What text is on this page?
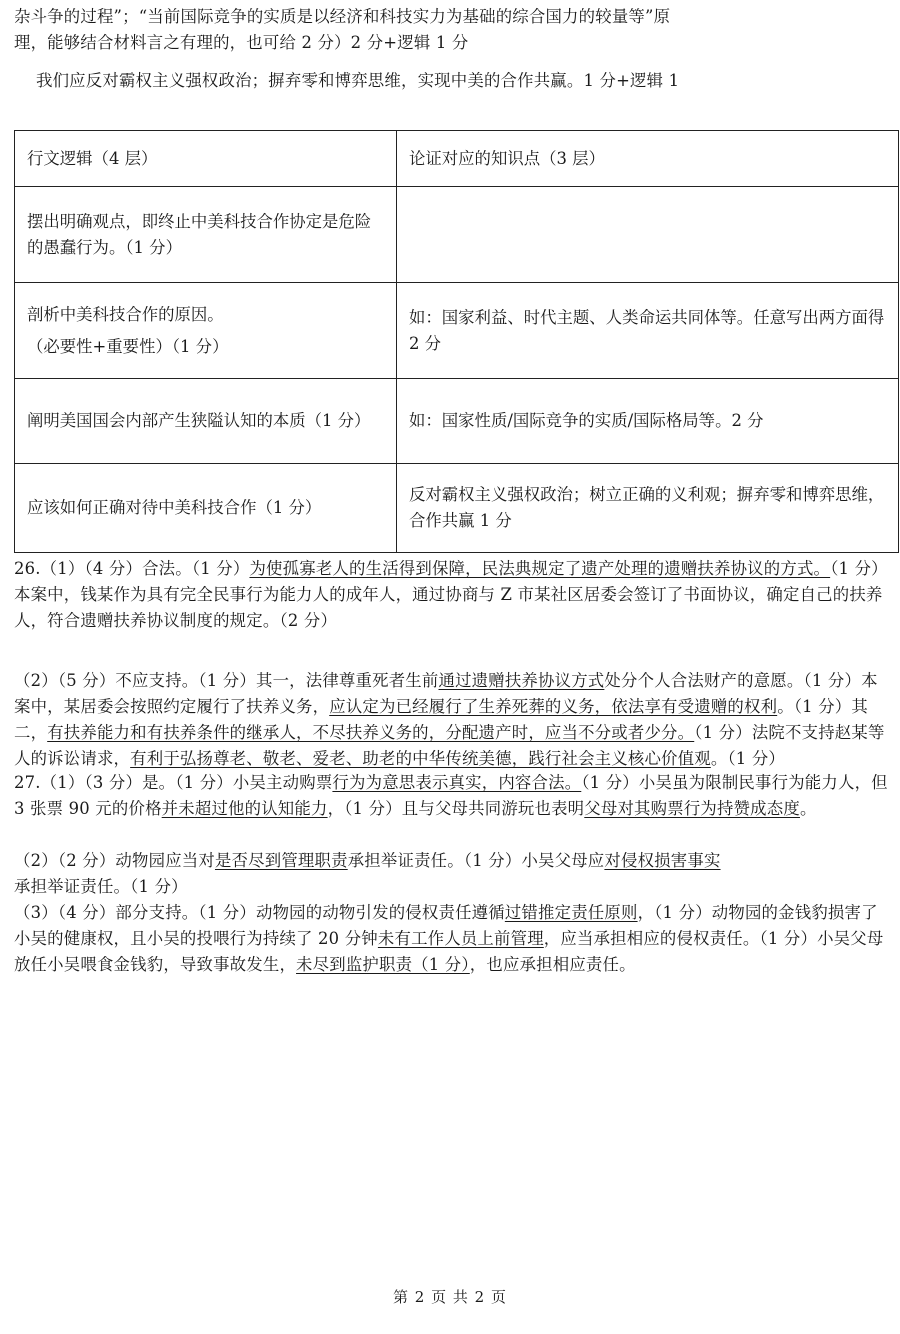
杂斗争的过程”；“当前国际竞争的实质是以经济和科技实力为基础的综合国力的较量等”原

理，能够结合材料言之有理的，也可给 2 分）2 分+逻辑 1 分

我们应反对霸权主义强权政治；摒弃零和博弈思维，实现中美的合作共赢。1 分+逻辑 1

行文逻辑（4 层）	论证对应的知识点（3 层）
摆出明确观点，即终止中美科技合作协定是危险的愚蠢行为。（1 分）	

剖析中美科技合作的原因。
（必要性+重要性）（1 分）	如：国家利益、时代主题、人类命运共同体等。任意写出两方面得 2 分
阐明美国国会内部产生狭隘认知的本质（1 分）	如：国家性质/国际竞争的实质/国际格局等。2 分
应该如何正确对待中美科技合作（1 分）	反对霸权主义强权政治；树立正确的义利观；摒弃零和博弈思维，合作共赢 1 分

26.（1）（4 分）合法。（1 分）为使孤寡老人的生活得到保障，民法典规定了遗产处理的遗赠扶养协议的方式。（1 分）本案中，钱某作为具有完全民事行为能力人的成年人，通过协商与 Z 市某社区居委会签订了书面协议，确定自己的扶养人，符合遗赠扶养协议制度的规定。（2 分）

（2）（5 分）不应支持。（1 分）其一，法律尊重死者生前通过遗赠扶养协议方式处分个人合法财产的意愿。（1 分）本案中，某居委会按照约定履行了扶养义务，应认定为已经履行了生养死葬的义务，依法享有受遗赠的权利。（1 分）其二，有扶养能力和有扶养条件的继承人，不尽扶养义务的，分配遗产时，应当不分或者少分。（1 分）法院不支持赵某等人的诉讼请求，有利于弘扬尊老、敬老、爱老、助老的中华传统美德，践行社会主义核心价值观。（1 分）

27.（1）（3 分）是。（1 分）小吴主动购票行为为意思表示真实，内容合法。（1 分）小吴虽为限制民事行为能力人，但 3 张票 90 元的价格并未超过他的认知能力，（1 分）且与父母共同游玩也表明父母对其购票行为持赞成态度。

（2）（2 分）动物园应当对是否尽到管理职责承担举证责任。（1 分）小吴父母应对侵权损害事实承担举证责任。（1 分）

（3）（4 分）部分支持。（1 分）动物园的动物引发的侵权责任遵循过错推定责任原则，（1 分）动物园的金钱豹损害了小吴的健康权，且小吴的投喂行为持续了 20 分钟未有工作人员上前管理，应当承担相应的侵权责任。（1 分）小吴父母放任小吴喂食金钱豹，导致事故发生，未尽到监护职责（1 分），也应承担相应责任。

第 2 页 共 2 页
